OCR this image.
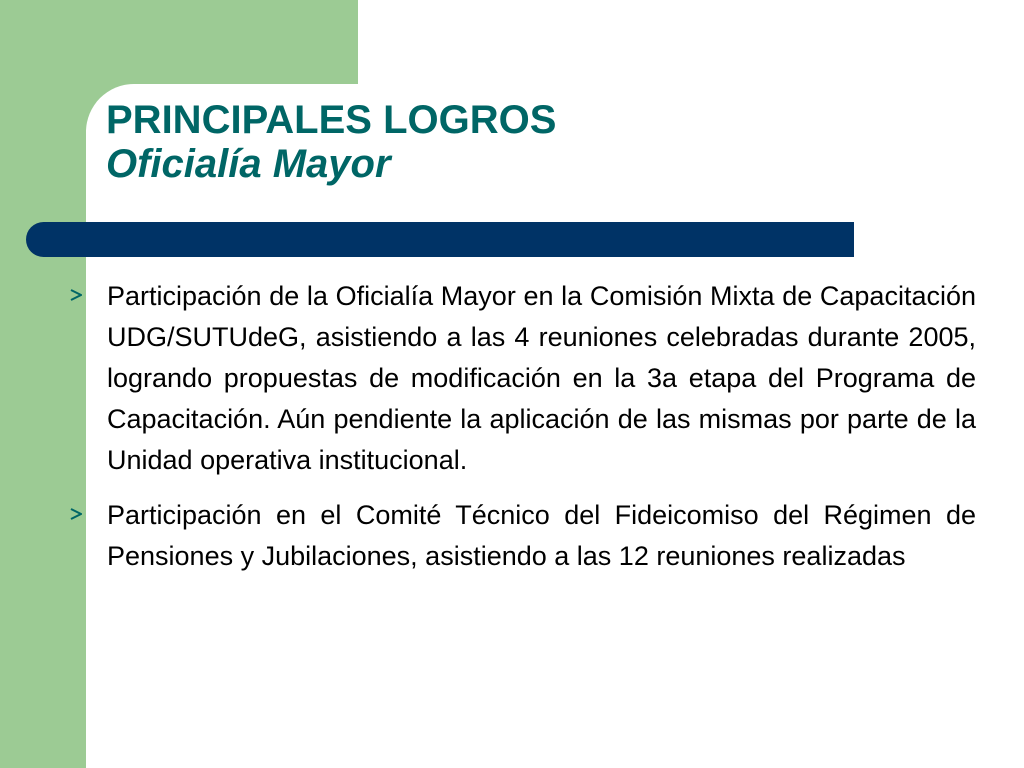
PRINCIPALES LOGROS
Oficialía Mayor
Participación de la Oficialía Mayor en la Comisión Mixta de Capacitación UDG/SUTUdeG, asistiendo a las 4 reuniones celebradas durante 2005, logrando propuestas de modificación en la 3a etapa del Programa de Capacitación. Aún pendiente la aplicación de las mismas por parte de la Unidad operativa institucional.
Participación en el Comité Técnico del Fideicomiso del Régimen de Pensiones y Jubilaciones, asistiendo a las 12 reuniones realizadas
